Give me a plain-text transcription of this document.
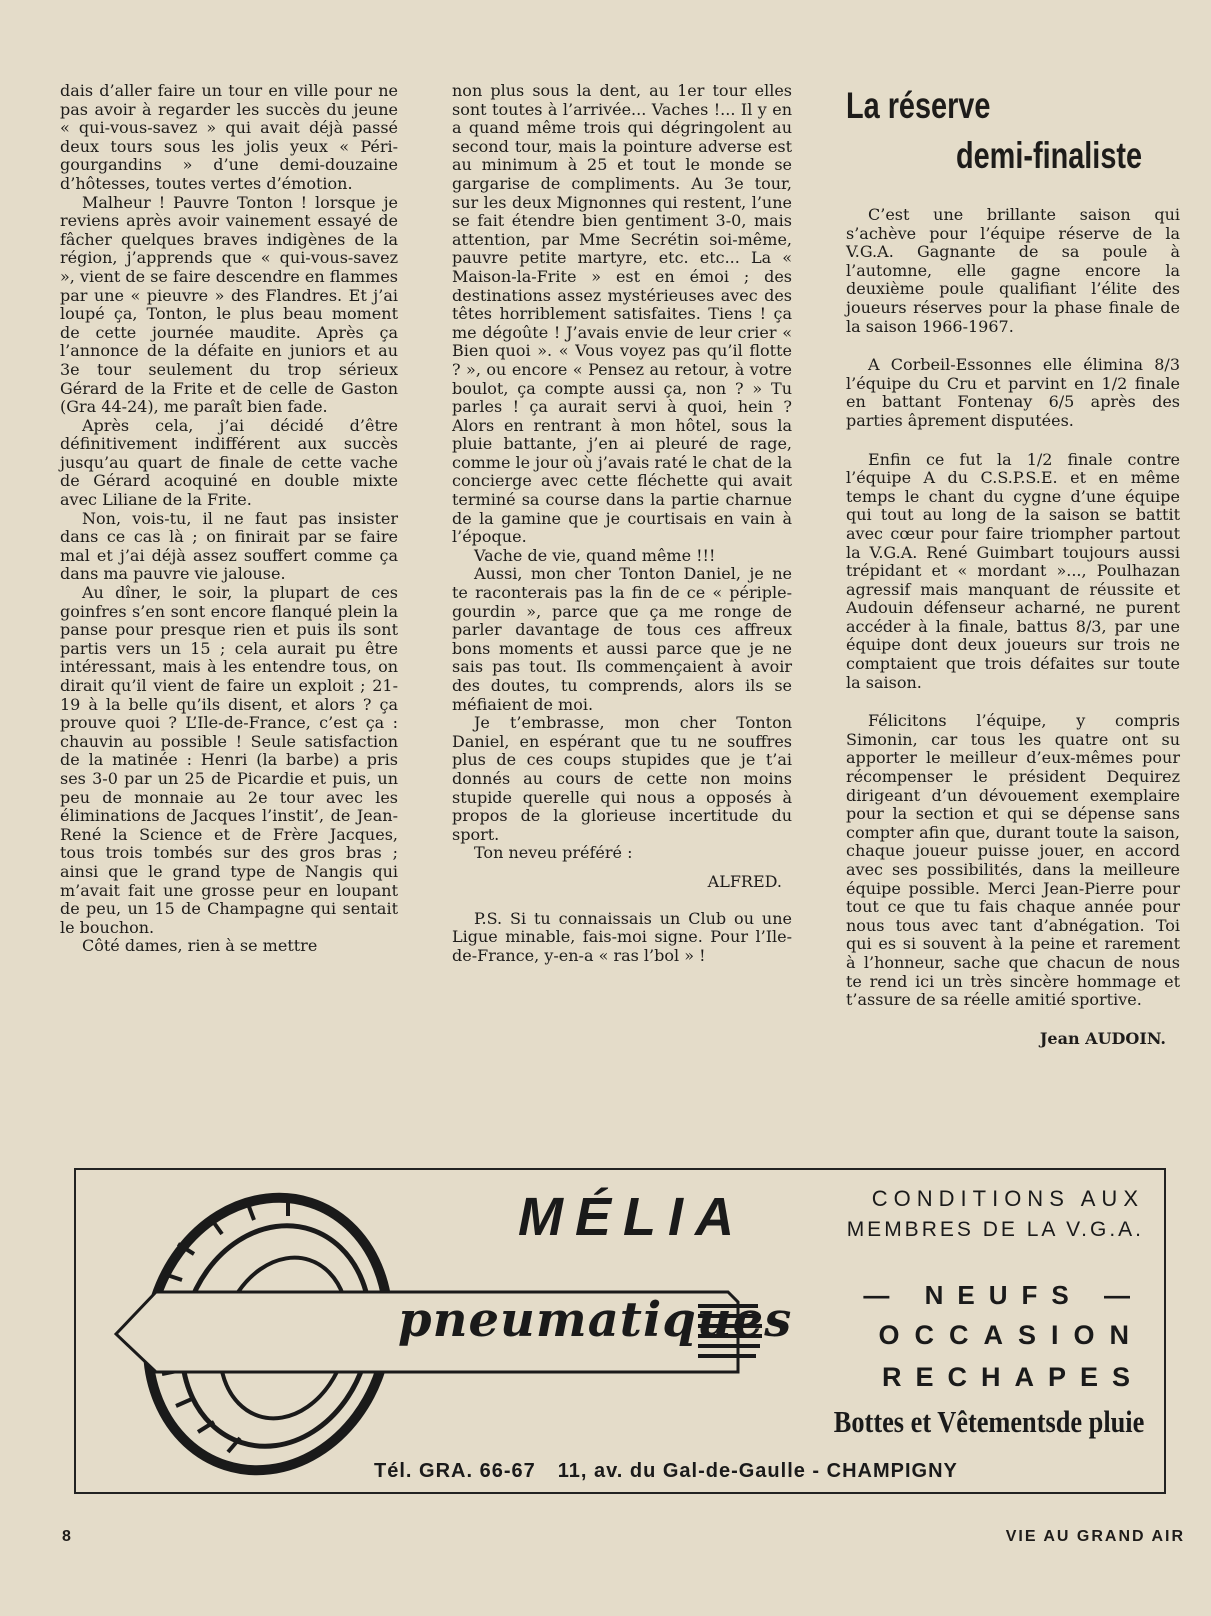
dais d’aller faire un tour en ville pour ne pas avoir à regarder les succès du jeune « qui-vous-savez » qui avait déjà passé deux tours sous les jolis yeux « Péri-gourgandins » d’une demi-douzaine d’hôtesses, toutes vertes d’émotion.

Malheur ! Pauvre Tonton ! lorsque je reviens après avoir vainement essayé de fâcher quelques braves indigènes de la région, j’apprends que « qui-vous-savez », vient de se faire descendre en flammes par une « pieuvre » des Flandres. Et j’ai loupé ça, Tonton, le plus beau moment de cette journée maudite. Après ça l’annonce de la défaite en juniors et au 3e tour seulement du trop sérieux Gérard de la Frite et de celle de Gaston (Gra 44-24), me paraît bien fade.

Après cela, j’ai décidé d’être définitivement indifférent aux succès jusqu’au quart de finale de cette vache de Gérard acoquiné en double mixte avec Liliane de la Frite.

Non, vois-tu, il ne faut pas insister dans ce cas là ; on finirait par se faire mal et j’ai déjà assez souffert comme ça dans ma pauvre vie jalouse.

Au dîner, le soir, la plupart de ces goinfres s’en sont encore flanqué plein la panse pour presque rien et puis ils sont partis vers un 15 ; cela aurait pu être intéressant, mais à les entendre tous, on dirait qu’il vient de faire un exploit ; 21-19 à la belle qu’ils disent, et alors ? ça prouve quoi ? L’Ile-de-France, c’est ça : chauvin au possible ! Seule satisfaction de la matinée : Henri (la barbe) a pris ses 3-0 par un 25 de Picardie et puis, un peu de monnaie au 2e tour avec les éliminations de Jacques l’instit’, de Jean-René la Science et de Frère Jacques, tous trois tombés sur des gros bras ; ainsi que le grand type de Nangis qui m’avait fait une grosse peur en loupant de peu, un 15 de Champagne qui sentait le bouchon.

Côté dames, rien à se mettre

non plus sous la dent, au 1er tour elles sont toutes à l’arrivée... Vaches !... Il y en a quand même trois qui dégringolent au second tour, mais la pointure adverse est au minimum à 25 et tout le monde se gargarise de compliments. Au 3e tour, sur les deux Mignonnes qui restent, l’une se fait étendre bien gentiment 3-0, mais attention, par Mme Secrétin soi-même, pauvre petite martyre, etc. etc... La « Maison-la-Frite » est en émoi ; des destinations assez mystérieuses avec des têtes horriblement satisfaites. Tiens ! ça me dégoûte ! J’avais envie de leur crier « Bien quoi ». « Vous voyez pas qu’il flotte ? », ou encore « Pensez au retour, à votre boulot, ça compte aussi ça, non ? » Tu parles ! ça aurait servi à quoi, hein ? Alors en rentrant à mon hôtel, sous la pluie battante, j’en ai pleuré de rage, comme le jour où j’avais raté le chat de la concierge avec cette fléchette qui avait terminé sa course dans la partie charnue de la gamine que je courtisais en vain à l’époque.

Vache de vie, quand même !!!

Aussi, mon cher Tonton Daniel, je ne te raconterais pas la fin de ce « périple-gourdin », parce que ça me ronge de parler davantage de tous ces affreux bons moments et aussi parce que je ne sais pas tout. Ils commençaient à avoir des doutes, tu comprends, alors ils se méfiaient de moi.

Je t’embrasse, mon cher Tonton Daniel, en espérant que tu ne souffres plus de ces coups stupides que je t’ai donnés au cours de cette non moins stupide querelle qui nous a opposés à propos de la glorieuse incertitude du sport.

Ton neveu préféré :

ALFRED.

P.S. Si tu connaissais un Club ou une Ligue minable, fais-moi signe. Pour l’Ile-de-France, y-en-a « ras l’bol » !

La réserve
demi-finaliste

C’est une brillante saison qui s’achève pour l’équipe réserve de la V.G.A. Gagnante de sa poule à l’automne, elle gagne encore la deuxième poule qualifiant l’élite des joueurs réserves pour la phase finale de la saison 1966-1967.

A Corbeil-Essonnes elle élimina 8/3 l’équipe du Cru et parvint en 1/2 finale en battant Fontenay 6/5 après des parties âprement disputées.

Enfin ce fut la 1/2 finale contre l’équipe A du C.S.P.S.E. et en même temps le chant du cygne d’une équipe qui tout au long de la saison se battit avec cœur pour faire triompher partout la V.G.A. René Guimbart toujours aussi trépidant et « mordant »..., Poulhazan agressif mais manquant de réussite et Audouin défenseur acharné, ne purent accéder à la finale, battus 8/3, par une équipe dont deux joueurs sur trois ne comptaient que trois défaites sur toute la saison.

Félicitons l’équipe, y compris Simonin, car tous les quatre ont su apporter le meilleur d’eux-mêmes pour récompenser le président Dequirez dirigeant d’un dévouement exemplaire pour la section et qui se dépense sans compter afin que, durant toute la saison, chaque joueur puisse jouer, en accord avec ses possibilités, dans la meilleure équipe possible. Merci Jean-Pierre pour tout ce que tu fais chaque année pour nous tous avec tant d’abnégation. Toi qui es si souvent à la peine et rarement à l’honneur, sache que chacun de nous te rend ici un très sincère hommage et t’assure de sa réelle amitié sportive.

Jean AUDOIN.

MÉLIA
pneumatiques
CONDITIONS AUX
MEMBRES DE LA V.G.A.
— NEUFS —
OCCASION
RECHAPES
Bottes et Vêtementsde pluie
Tél. GRA. 66-67 11, av. du Gal-de-Gaulle - CHAMPIGNY
8	VIE AU GRAND AIR
